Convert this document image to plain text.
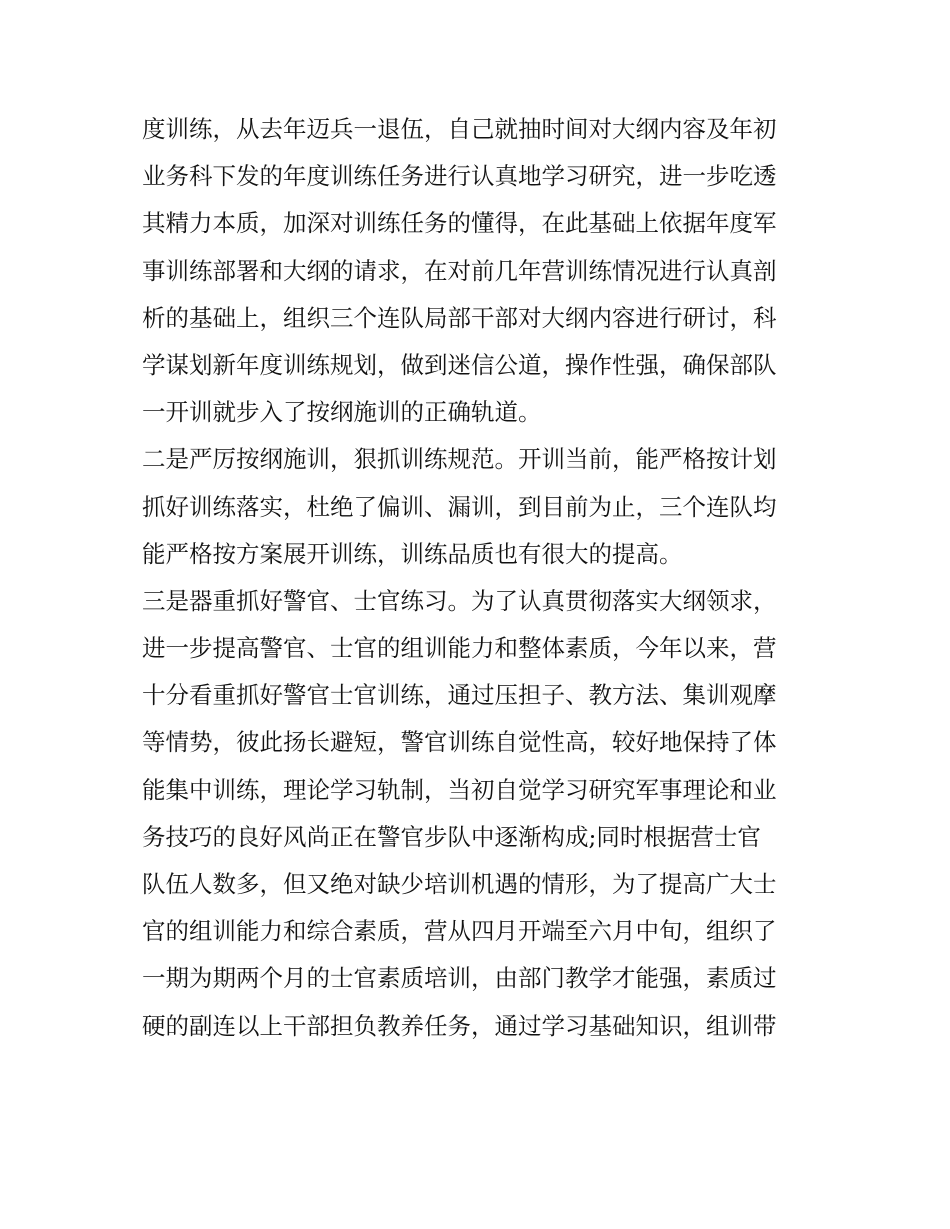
度训练，从去年迈兵一退伍，自己就抽时间对大纲内容及年初
业务科下发的年度训练任务进行认真地学习研究，进一步吃透
其精力本质，加深对训练任务的懂得，在此基础上依据年度军
事训练部署和大纲的请求，在对前几年营训练情况进行认真剖
析的基础上，组织三个连队局部干部对大纲内容进行研讨，科
学谋划新年度训练规划，做到迷信公道，操作性强，确保部队
一开训就步入了按纲施训的正确轨道。
二是严厉按纲施训，狠抓训练规范。开训当前，能严格按计划
抓好训练落实，杜绝了偏训、漏训，到目前为止，三个连队均
能严格按方案展开训练，训练品质也有很大的提高。
三是器重抓好警官、士官练习。为了认真贯彻落实大纲领求，
进一步提高警官、士官的组训能力和整体素质，今年以来，营
十分看重抓好警官士官训练，通过压担子、教方法、集训观摩
等情势，彼此扬长避短，警官训练自觉性高，较好地保持了体
能集中训练，理论学习轨制，当初自觉学习研究军事理论和业
务技巧的良好风尚正在警官步队中逐渐构成;同时根据营士官
队伍人数多，但又绝对缺少培训机遇的情形，为了提高广大士
官的组训能力和综合素质，营从四月开端至六月中旬，组织了
一期为期两个月的士官素质培训，由部门教学才能强，素质过
硬的副连以上干部担负教养任务，通过学习基础知识，组训带
